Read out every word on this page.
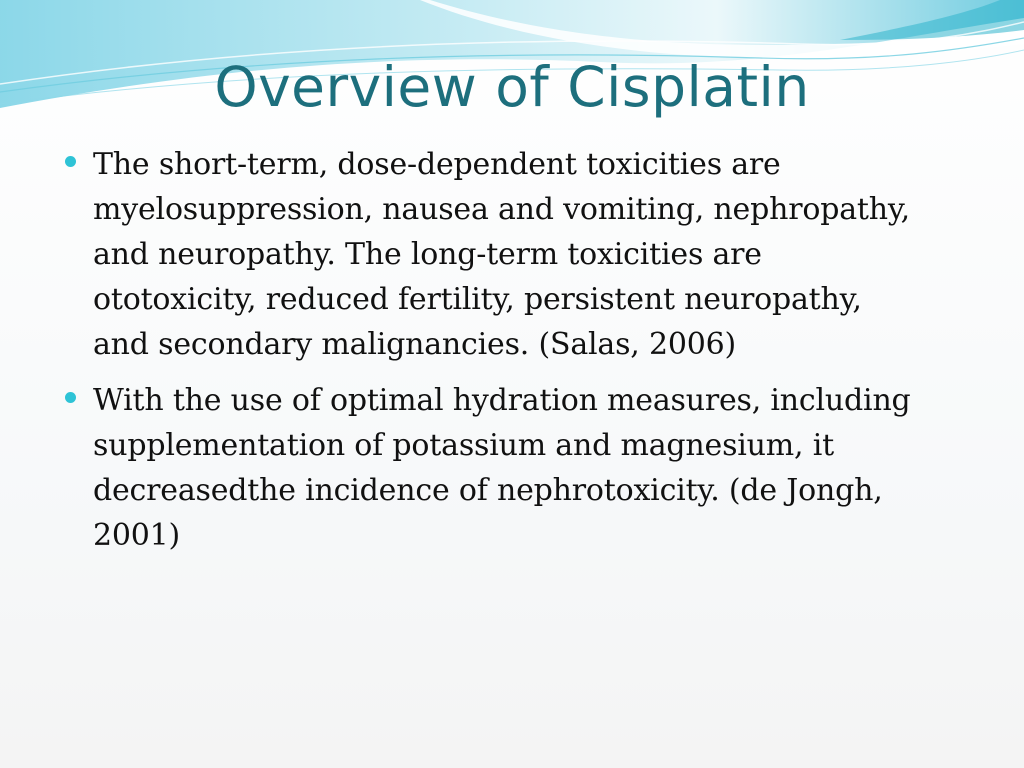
Overview of Cisplatin
The short-term, dose-dependent toxicities are
myelosuppression, nausea and vomiting, nephropathy,
and neuropathy. The long-term toxicities are
ototoxicity, reduced fertility, persistent neuropathy,
and secondary malignancies. (Salas, 2006)
With the use of optimal hydration measures, including
supplementation of potassium and magnesium, it
decreasedthe incidence of nephrotoxicity. (de Jongh,
2001)
